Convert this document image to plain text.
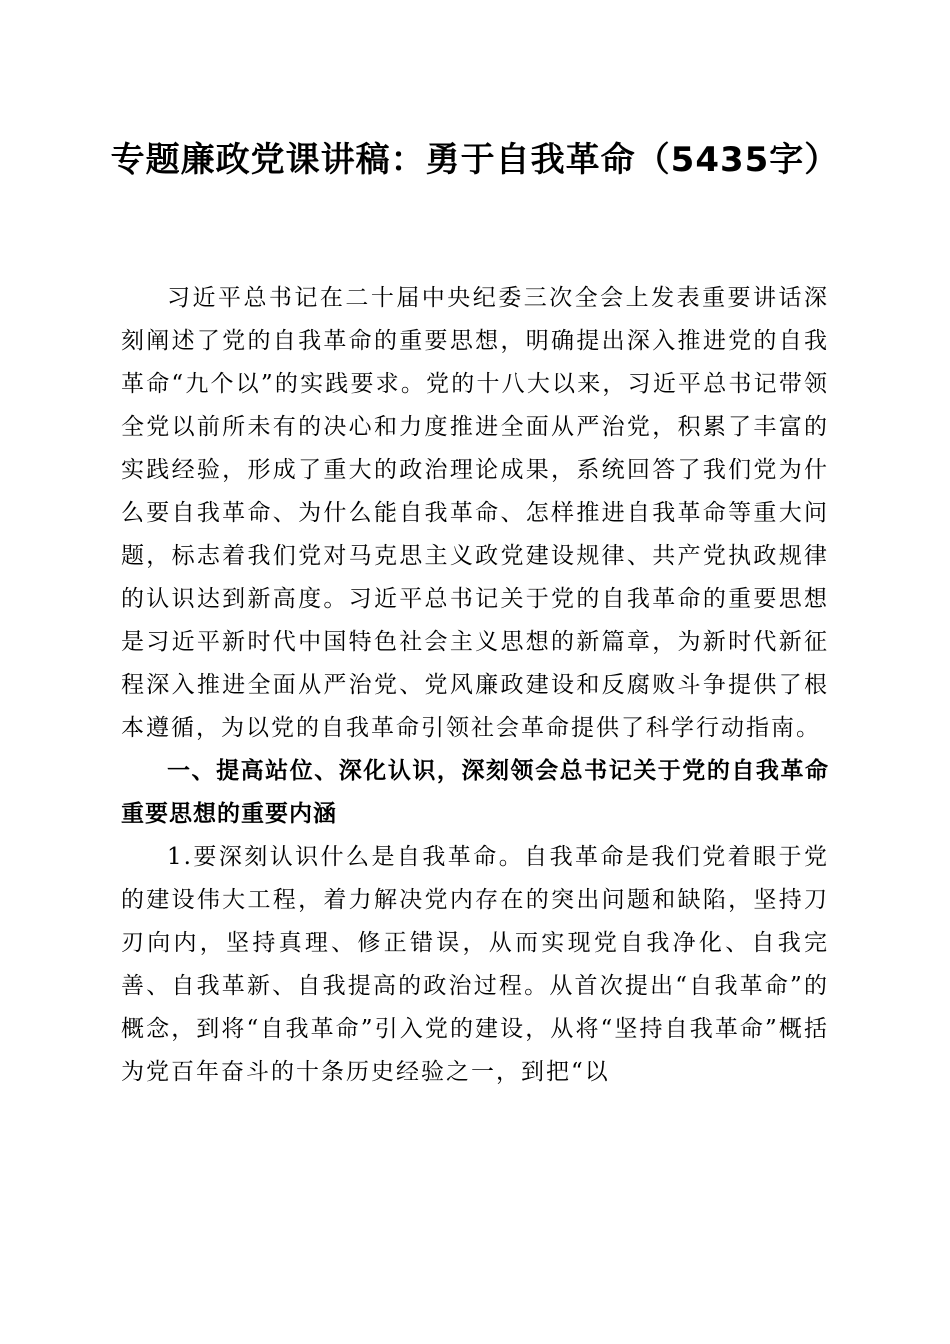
专题廉政党课讲稿：勇于自我革命（5435字）

习近平总书记在二十届中央纪委三次全会上发表重要讲话深刻阐述了党的自我革命的重要思想，明确提出深入推进党的自我革命“九个以”的实践要求。党的十八大以来，习近平总书记带领全党以前所未有的决心和力度推进全面从严治党，积累了丰富的实践经验，形成了重大的政治理论成果，系统回答了我们党为什么要自我革命、为什么能自我革命、怎样推进自我革命等重大问题，标志着我们党对马克思主义政党建设规律、共产党执政规律的认识达到新高度。习近平总书记关于党的自我革命的重要思想是习近平新时代中国特色社会主义思想的新篇章，为新时代新征程深入推进全面从严治党、党风廉政建设和反腐败斗争提供了根本遵循，为以党的自我革命引领社会革命提供了科学行动指南。

一、提高站位、深化认识，深刻领会总书记关于党的自我革命重要思想的重要内涵

1.要深刻认识什么是自我革命。自我革命是我们党着眼于党的建设伟大工程，着力解决党内存在的突出问题和缺陷，坚持刀刃向内，坚持真理、修正错误，从而实现党自我净化、自我完善、自我革新、自我提高的政治过程。从首次提出“自我革命”的概念，到将“自我革命”引入党的建设，从将“坚持自我革命”概括为党百年奋斗的十条历史经验之一，到把“以
